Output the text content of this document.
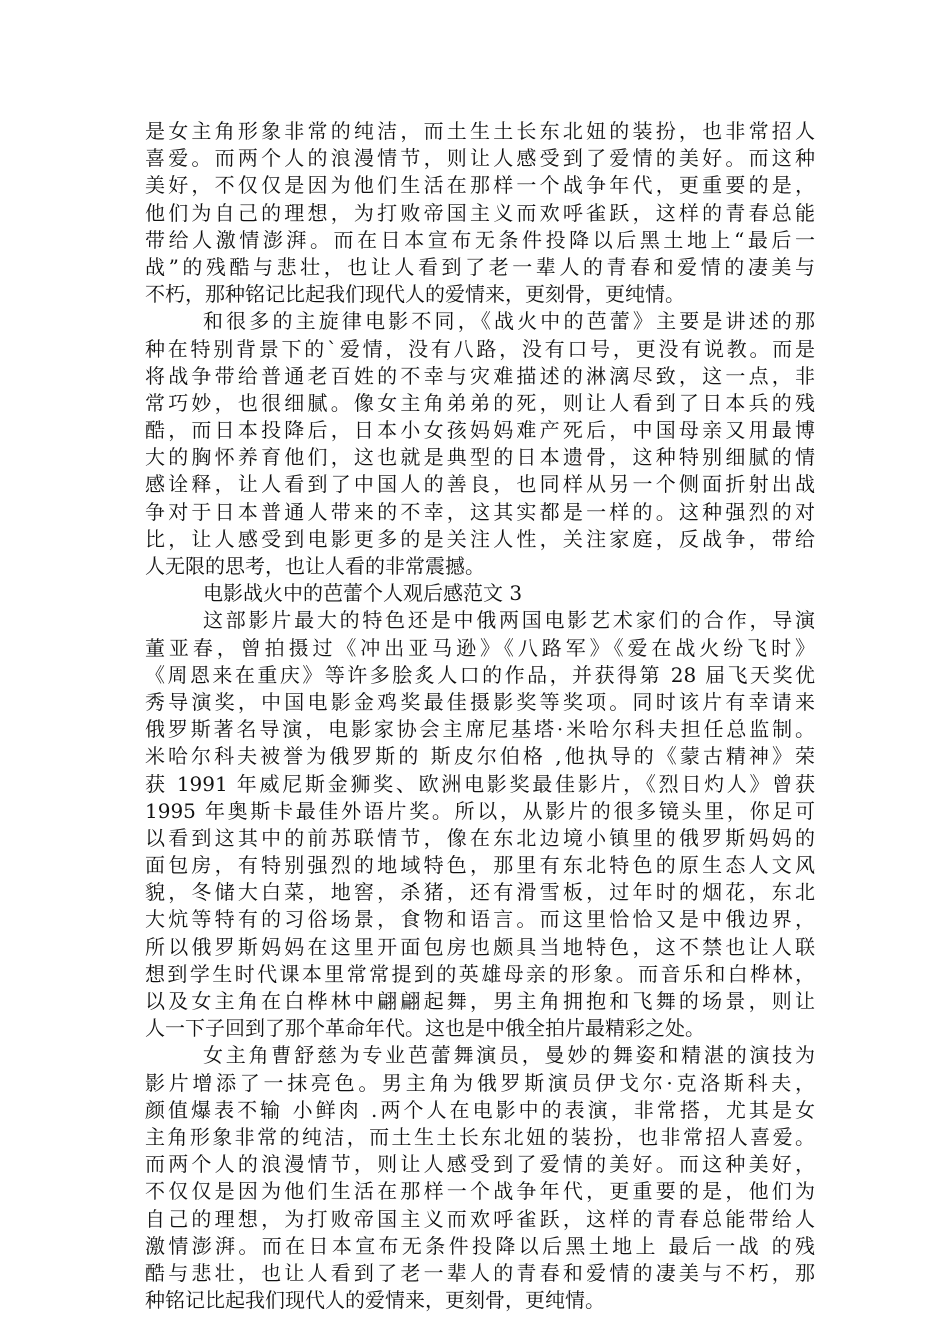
是女主角形象非常的纯洁，而土生土长东北妞的装扮，也非常招人
喜爱。而两个人的浪漫情节，则让人感受到了爱情的美好。而这种
美好，不仅仅是因为他们生活在那样一个战争年代，更重要的是，
他们为自己的理想，为打败帝国主义而欢呼雀跃，这样的青春总能
带给人激情澎湃。而在日本宣布无条件投降以后黑土地上“最后一
战”的残酷与悲壮，也让人看到了老一辈人的青春和爱情的凄美与
不朽，那种铭记比起我们现代人的爱情来，更刻骨，更纯情。
和很多的主旋律电影不同，《战火中的芭蕾》主要是讲述的那
种在特别背景下的`爱情，没有八路，没有口号，更没有说教。而是
将战争带给普通老百姓的不幸与灾难描述的淋漓尽致，这一点，非
常巧妙，也很细腻。像女主角弟弟的死，则让人看到了日本兵的残
酷，而日本投降后，日本小女孩妈妈难产死后，中国母亲又用最博
大的胸怀养育他们，这也就是典型的日本遗骨，这种特别细腻的情
感诠释，让人看到了中国人的善良，也同样从另一个侧面折射出战
争对于日本普通人带来的不幸，这其实都是一样的。这种强烈的对
比，让人感受到电影更多的是关注人性，关注家庭，反战争，带给
人无限的思考，也让人看的非常震撼。
电影战火中的芭蕾个人观后感范文 3
这部影片最大的特色还是中俄两国电影艺术家们的合作，导演
董亚春，曾拍摄过《冲出亚马逊》《八路军》《爱在战火纷飞时》
《周恩来在重庆》等许多脍炙人口的作品，并获得第 28 届飞天奖优
秀导演奖，中国电影金鸡奖最佳摄影奖等奖项。同时该片有幸请来
俄罗斯著名导演，电影家协会主席尼基塔·米哈尔科夫担任总监制。
米哈尔科夫被誉为俄罗斯的 斯皮尔伯格 ,他执导的《蒙古精神》荣
获 1991 年威尼斯金狮奖、欧洲电影奖最佳影片，《烈日灼人》曾获
1995 年奥斯卡最佳外语片奖。所以，从影片的很多镜头里，你足可
以看到这其中的前苏联情节，像在东北边境小镇里的俄罗斯妈妈的
面包房，有特别强烈的地域特色，那里有东北特色的原生态人文风
貌，冬储大白菜，地窖，杀猪，还有滑雪板，过年时的烟花，东北
大炕等特有的习俗场景，食物和语言。而这里恰恰又是中俄边界，
所以俄罗斯妈妈在这里开面包房也颇具当地特色，这不禁也让人联
想到学生时代课本里常常提到的英雄母亲的形象。而音乐和白桦林，
以及女主角在白桦林中翩翩起舞，男主角拥抱和飞舞的场景，则让
人一下子回到了那个革命年代。这也是中俄全拍片最精彩之处。
女主角曹舒慈为专业芭蕾舞演员，曼妙的舞姿和精湛的演技为
影片增添了一抹亮色。男主角为俄罗斯演员伊戈尔·克洛斯科夫，
颜值爆表不输 小鲜肉 .两个人在电影中的表演，非常搭，尤其是女
主角形象非常的纯洁，而土生土长东北妞的装扮，也非常招人喜爱。
而两个人的浪漫情节，则让人感受到了爱情的美好。而这种美好，
不仅仅是因为他们生活在那样一个战争年代，更重要的是，他们为
自己的理想，为打败帝国主义而欢呼雀跃，这样的青春总能带给人
激情澎湃。而在日本宣布无条件投降以后黑土地上 最后一战 的残
酷与悲壮，也让人看到了老一辈人的青春和爱情的凄美与不朽，那
种铭记比起我们现代人的爱情来，更刻骨，更纯情。
